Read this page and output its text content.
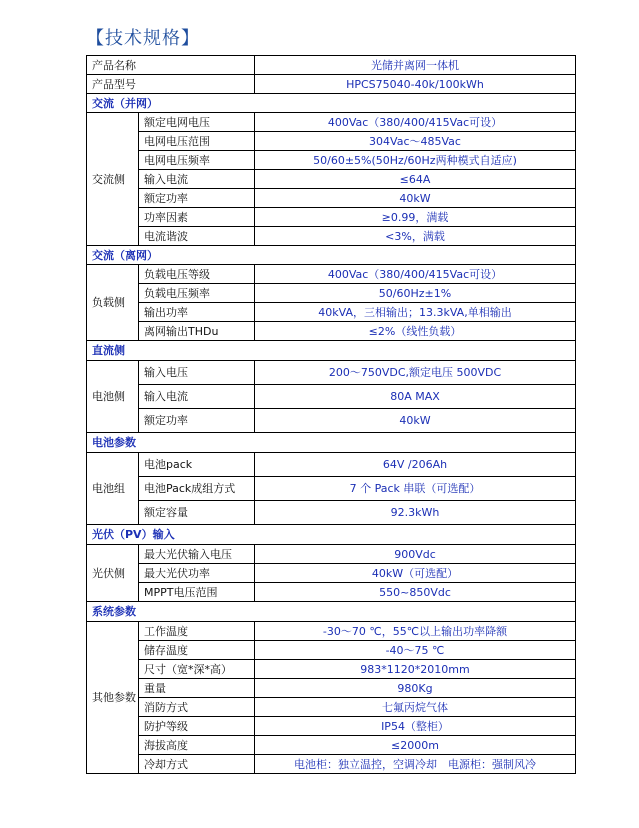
【技术规格】
产品名称		光储并离网一体机
产品型号		HPCS75040-40k/100kWh
交流（并网）		
交流侧	额定电网电压	400Vac（380/400/415Vac可设）
	电网电压范围	304Vac～485Vac
	电网电压频率	50/60±5%(50Hz/60Hz两种模式自适应)
	输入电流	≤64A
	额定功率	40kW
	功率因素	≥0.99，满载
	电流谐波	<3%，满载
交流（离网）		
负载侧	负载电压等级	400Vac（380/400/415Vac可设）
	负载电压频率	50/60Hz±1%
	输出功率	40kVA，三相输出；13.3kVA,单相输出
	离网输出THDu	≤2%（线性负载）
直流侧		
电池侧	输入电压	200～750VDC,额定电压 500VDC
	输入电流	80A MAX
	额定功率	40kW
电池参数		
电池组	电池pack	64V /206Ah
	电池Pack成组方式	7 个 Pack 串联（可选配）
	额定容量	92.3kWh
光伏（PV）输入		
光伏侧	最大光伏输入电压	900Vdc
	最大光伏功率	40kW（可选配）
	MPPT电压范围	550~850Vdc
系统参数		
其他参数	工作温度	-30～70 ℃，55℃以上输出功率降额
	储存温度	-40～75 ℃
	尺寸（宽*深*高）	983*1120*2010mm
	重量	980Kg
	消防方式	七氟丙烷气体
	防护等级	IP54（整柜）
	海拔高度	≤2000m
	冷却方式	电池柜：独立温控，空调冷却　电源柜：强制风冷
